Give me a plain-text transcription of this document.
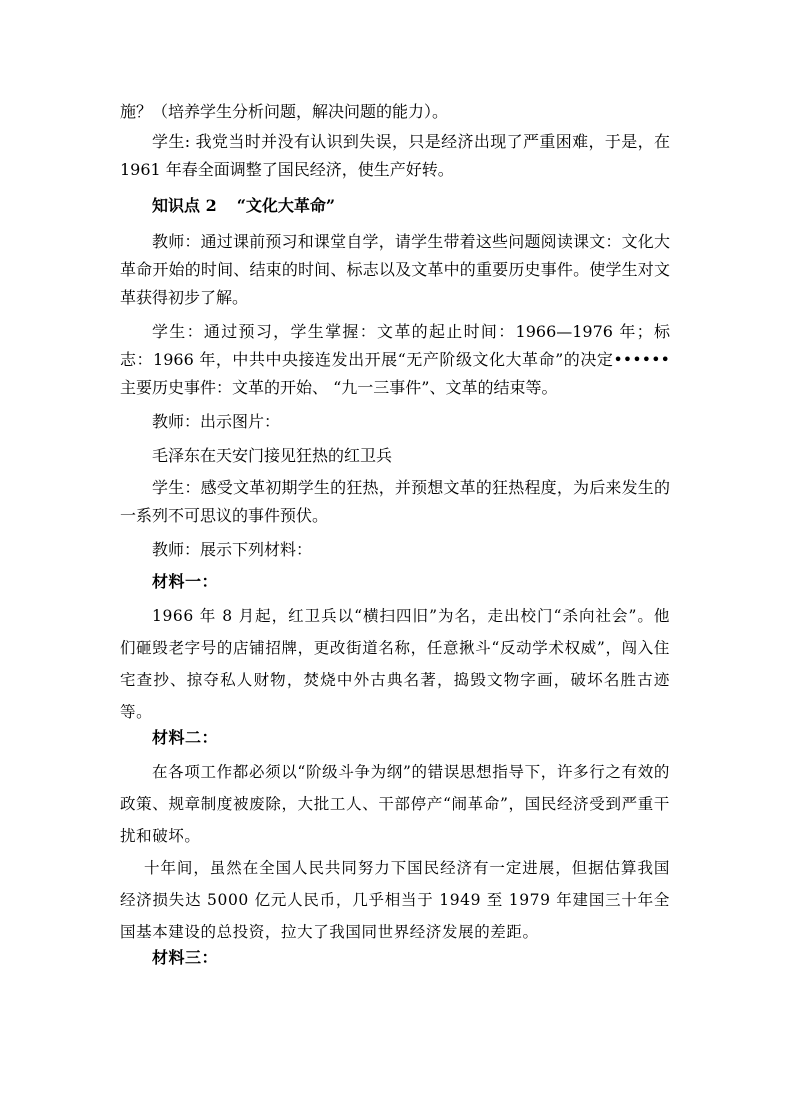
施？（培养学生分析问题，解决问题的能力）。

学生: 我党当时并没有认识到失误，只是经济出现了严重困难，于是，在 1961 年春全面调整了国民经济，使生产好转。

知识点 2 “文化大革命”

教师：通过课前预习和课堂自学，请学生带着这些问题阅读课文：文化大革命开始的时间、结束的时间、标志以及文革中的重要历史事件。使学生对文革获得初步了解。

学生：通过预习，学生掌握：文革的起止时间：1966—1976 年；标志：1966 年，中共中央接连发出开展“无产阶级文化大革命”的决定••••••主要历史事件：文革的开始、 “九一三事件”、文革的结束等。

教师：出示图片：

毛泽东在天安门接见狂热的红卫兵

学生：感受文革初期学生的狂热，并预想文革的狂热程度，为后来发生的一系列不可思议的事件预伏。

教师：展示下列材料：

材料一：

1966 年 8 月起，红卫兵以“横扫四旧”为名，走出校门“杀向社会”。他们砸毁老字号的店铺招牌，更改街道名称，任意揪斗“反动学术权威”，闯入住宅查抄、掠夺私人财物，焚烧中外古典名著，捣毁文物字画，破坏名胜古迹等。

材料二：

在各项工作都必须以“阶级斗争为纲”的错误思想指导下，许多行之有效的政策、规章制度被废除，大批工人、干部停产“闹革命”，国民经济受到严重干扰和破坏。

十年间，虽然在全国人民共同努力下国民经济有一定进展，但据估算我国经济损失达 5000 亿元人民币，几乎相当于 1949 至 1979 年建国三十年全国基本建设的总投资，拉大了我国同世界经济发展的差距。

材料三：
